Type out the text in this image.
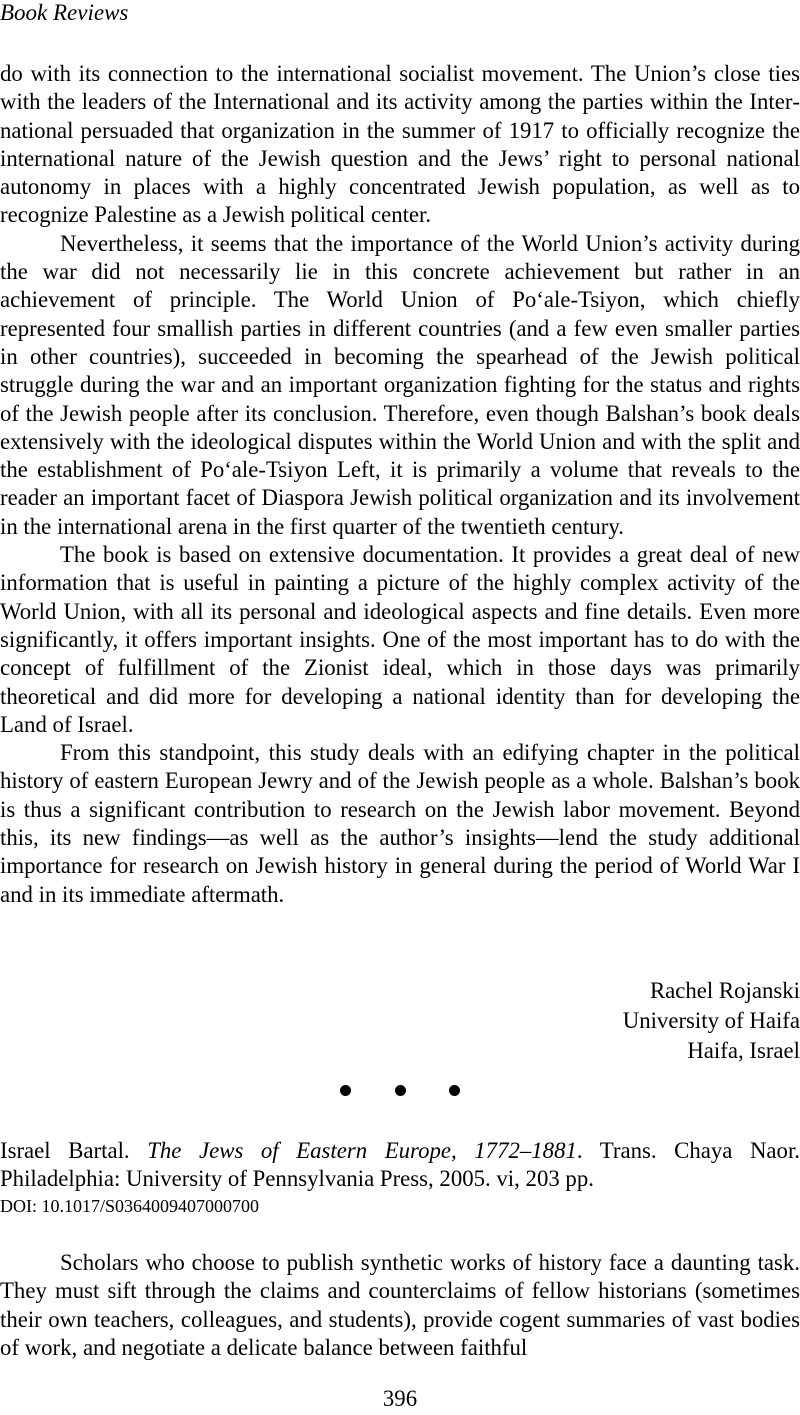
Book Reviews

do with its connection to the international socialist movement. The Union’s close ties with the leaders of the International and its activity among the parties within the International persuaded that organization in the summer of 1917 to officially recognize the international nature of the Jewish question and the Jews’ right to personal national autonomy in places with a highly concentrated Jewish population, as well as to recognize Palestine as a Jewish political center.

Nevertheless, it seems that the importance of the World Union’s activity during the war did not necessarily lie in this concrete achievement but rather in an achievement of principle. The World Union of Po‘ale-Tsiyon, which chiefly represented four smallish parties in different countries (and a few even smaller parties in other countries), succeeded in becoming the spearhead of the Jewish political struggle during the war and an important organization fighting for the status and rights of the Jewish people after its conclusion. Therefore, even though Balshan’s book deals extensively with the ideological disputes within the World Union and with the split and the establishment of Po‘ale-Tsiyon Left, it is primarily a volume that reveals to the reader an important facet of Diaspora Jewish political organization and its involvement in the international arena in the first quarter of the twentieth century.

The book is based on extensive documentation. It provides a great deal of new information that is useful in painting a picture of the highly complex activity of the World Union, with all its personal and ideological aspects and fine details. Even more significantly, it offers important insights. One of the most important has to do with the concept of fulfillment of the Zionist ideal, which in those days was primarily theoretical and did more for developing a national identity than for developing the Land of Israel.

From this standpoint, this study deals with an edifying chapter in the political history of eastern European Jewry and of the Jewish people as a whole. Balshan’s book is thus a significant contribution to research on the Jewish labor movement. Beyond this, its new findings—as well as the author’s insights—lend the study additional importance for research on Jewish history in general during the period of World War I and in its immediate aftermath.

Rachel Rojanski
University of Haifa
Haifa, Israel
Israel Bartal. The Jews of Eastern Europe, 1772–1881. Trans. Chaya Naor. Philadelphia: University of Pennsylvania Press, 2005. vi, 203 pp.
DOI: 10.1017/S0364009407000700

Scholars who choose to publish synthetic works of history face a daunting task. They must sift through the claims and counterclaims of fellow historians (sometimes their own teachers, colleagues, and students), provide cogent summaries of vast bodies of work, and negotiate a delicate balance between faithful

396
